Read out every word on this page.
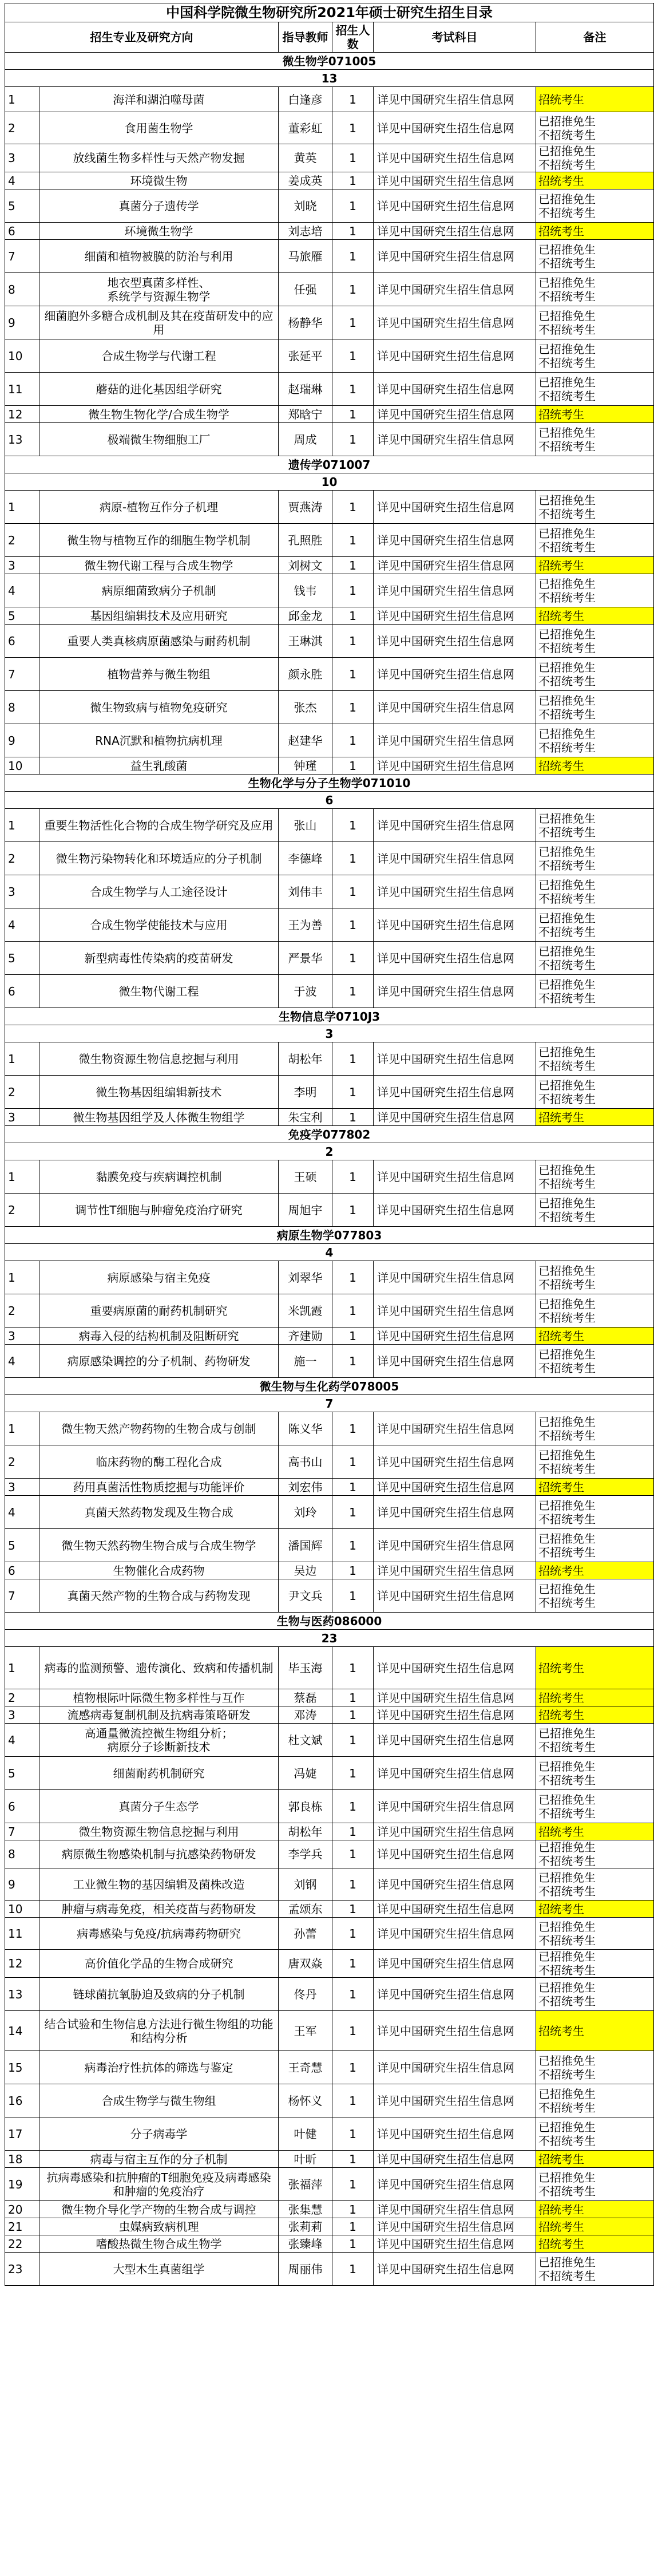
中国科学院微生物研究所2021年硕士研究生招生目录					
招生专业及研究方向		指导教师	招生人数	考试科目	备注
微生物学071005					
13					
1	海洋和湖泊噬母菌	白逢彦	1	详见中国研究生招生信息网	招统考生
2	食用菌生物学	董彩虹	1	详见中国研究生招生信息网	已招推免生
不招统考生
3	放线菌生物多样性与天然产物发掘	黄英	1	详见中国研究生招生信息网	已招推免生
不招统考生
4	环境微生物	姜成英	1	详见中国研究生招生信息网	招统考生
5	真菌分子遗传学	刘晓	1	详见中国研究生招生信息网	已招推免生
不招统考生
6	环境微生物学	刘志培	1	详见中国研究生招生信息网	招统考生
7	细菌和植物被膜的防治与利用	马旅雁	1	详见中国研究生招生信息网	已招推免生
不招统考生
8	地衣型真菌多样性、
系统学与资源生物学	任强	1	详见中国研究生招生信息网	已招推免生
不招统考生
9	细菌胞外多糖合成机制及其在疫苗研发中的应用	杨静华	1	详见中国研究生招生信息网	已招推免生
不招统考生
10	合成生物学与代谢工程	张延平	1	详见中国研究生招生信息网	已招推免生
不招统考生
11	蘑菇的进化基因组学研究	赵瑞琳	1	详见中国研究生招生信息网	已招推免生
不招统考生
12	微生物生物化学/合成生物学	郑晗宁	1	详见中国研究生招生信息网	招统考生
13	极端微生物细胞工厂	周成	1	详见中国研究生招生信息网	已招推免生
不招统考生
遗传学071007					
10					
1	病原-植物互作分子机理	贾燕涛	1	详见中国研究生招生信息网	已招推免生
不招统考生
2	微生物与植物互作的细胞生物学机制	孔照胜	1	详见中国研究生招生信息网	已招推免生
不招统考生
3	微生物代谢工程与合成生物学	刘树文	1	详见中国研究生招生信息网	招统考生
4	病原细菌致病分子机制	钱韦	1	详见中国研究生招生信息网	已招推免生
不招统考生
5	基因组编辑技术及应用研究	邱金龙	1	详见中国研究生招生信息网	招统考生
6	重要人类真核病原菌感染与耐药机制	王琳淇	1	详见中国研究生招生信息网	已招推免生
不招统考生
7	植物营养与微生物组	颜永胜	1	详见中国研究生招生信息网	已招推免生
不招统考生
8	微生物致病与植物免疫研究	张杰	1	详见中国研究生招生信息网	已招推免生
不招统考生
9	RNA沉默和植物抗病机理	赵建华	1	详见中国研究生招生信息网	已招推免生
不招统考生
10	益生乳酸菌	钟瑾	1	详见中国研究生招生信息网	招统考生
生物化学与分子生物学071010					
6					
1	重要生物活性化合物的合成生物学研究及应用	张山	1	详见中国研究生招生信息网	已招推免生
不招统考生
2	微生物污染物转化和环境适应的分子机制	李德峰	1	详见中国研究生招生信息网	已招推免生
不招统考生
3	合成生物学与人工途径设计	刘伟丰	1	详见中国研究生招生信息网	已招推免生
不招统考生
4	合成生物学使能技术与应用	王为善	1	详见中国研究生招生信息网	已招推免生
不招统考生
5	新型病毒性传染病的疫苗研发	严景华	1	详见中国研究生招生信息网	已招推免生
不招统考生
6	微生物代谢工程	于波	1	详见中国研究生招生信息网	已招推免生
不招统考生
生物信息学0710J3					
3					
1	微生物资源生物信息挖掘与利用	胡松年	1	详见中国研究生招生信息网	已招推免生
不招统考生
2	微生物基因组编辑新技术	李明	1	详见中国研究生招生信息网	已招推免生
不招统考生
3	微生物基因组学及人体微生物组学	朱宝利	1	详见中国研究生招生信息网	招统考生
免疫学077802					
2					
1	黏膜免疫与疾病调控机制	王硕	1	详见中国研究生招生信息网	已招推免生
不招统考生
2	调节性T细胞与肿瘤免疫治疗研究	周旭宇	1	详见中国研究生招生信息网	已招推免生
不招统考生
病原生物学077803					
4					
1	病原感染与宿主免疫	刘翠华	1	详见中国研究生招生信息网	已招推免生
不招统考生
2	重要病原菌的耐药机制研究	米凯霞	1	详见中国研究生招生信息网	已招推免生
不招统考生
3	病毒入侵的结构机制及阻断研究	齐建勋	1	详见中国研究生招生信息网	招统考生
4	病原感染调控的分子机制、药物研发	施一	1	详见中国研究生招生信息网	已招推免生
不招统考生
微生物与生化药学078005					
7					
1	微生物天然产物药物的生物合成与创制	陈义华	1	详见中国研究生招生信息网	已招推免生
不招统考生
2	临床药物的酶工程化合成	高书山	1	详见中国研究生招生信息网	已招推免生
不招统考生
3	药用真菌活性物质挖掘与功能评价	刘宏伟	1	详见中国研究生招生信息网	招统考生
4	真菌天然药物发现及生物合成	刘玲	1	详见中国研究生招生信息网	已招推免生
不招统考生
5	微生物天然药物生物合成与合成生物学	潘国辉	1	详见中国研究生招生信息网	已招推免生
不招统考生
6	生物催化合成药物	吴边	1	详见中国研究生招生信息网	招统考生
7	真菌天然产物的生物合成与药物发现	尹文兵	1	详见中国研究生招生信息网	已招推免生
不招统考生
生物与医药086000					
23					
1	病毒的监测预警、遗传演化、致病和传播机制	毕玉海	1	详见中国研究生招生信息网	招统考生
2	植物根际叶际微生物多样性与互作	蔡磊	1	详见中国研究生招生信息网	招统考生
3	流感病毒复制机制及抗病毒策略研发	邓涛	1	详见中国研究生招生信息网	招统考生
4	高通量微流控微生物组分析；
病原分子诊断新技术	杜文斌	1	详见中国研究生招生信息网	已招推免生
不招统考生
5	细菌耐药机制研究	冯婕	1	详见中国研究生招生信息网	已招推免生
不招统考生
6	真菌分子生态学	郭良栋	1	详见中国研究生招生信息网	已招推免生
不招统考生
7	微生物资源生物信息挖掘与利用	胡松年	1	详见中国研究生招生信息网	招统考生
8	病原微生物感染机制与抗感染药物研发	李学兵	1	详见中国研究生招生信息网	已招推免生
不招统考生
9	工业微生物的基因编辑及菌株改造	刘钢	1	详见中国研究生招生信息网	已招推免生
不招统考生
10	肿瘤与病毒免疫，相关疫苗与药物研发	孟颂东	1	详见中国研究生招生信息网	招统考生
11	病毒感染与免疫/抗病毒药物研究	孙蕾	1	详见中国研究生招生信息网	已招推免生
不招统考生
12	高价值化学品的生物合成研究	唐双焱	1	详见中国研究生招生信息网	已招推免生
不招统考生
13	链球菌抗氧胁迫及致病的分子机制	佟丹	1	详见中国研究生招生信息网	已招推免生
不招统考生
14	结合试验和生物信息方法进行微生物组的功能和结构分析	王军	1	详见中国研究生招生信息网	招统考生
15	病毒治疗性抗体的筛选与鉴定	王奇慧	1	详见中国研究生招生信息网	已招推免生
不招统考生
16	合成生物学与微生物组	杨怀义	1	详见中国研究生招生信息网	已招推免生
不招统考生
17	分子病毒学	叶健	1	详见中国研究生招生信息网	已招推免生
不招统考生
18	病毒与宿主互作的分子机制	叶昕	1	详见中国研究生招生信息网	招统考生
19	抗病毒感染和抗肿瘤的T细胞免疫及病毒感染和肿瘤的免疫治疗	张福萍	1	详见中国研究生招生信息网	已招推免生
不招统考生
20	微生物介导化学产物的生物合成与调控	张集慧	1	详见中国研究生招生信息网	招统考生
21	虫媒病致病机理	张莉莉	1	详见中国研究生招生信息网	招统考生
22	嗜酸热微生物合成生物学	张臻峰	1	详见中国研究生招生信息网	招统考生
23	大型木生真菌组学	周丽伟	1	详见中国研究生招生信息网	已招推免生
不招统考生
